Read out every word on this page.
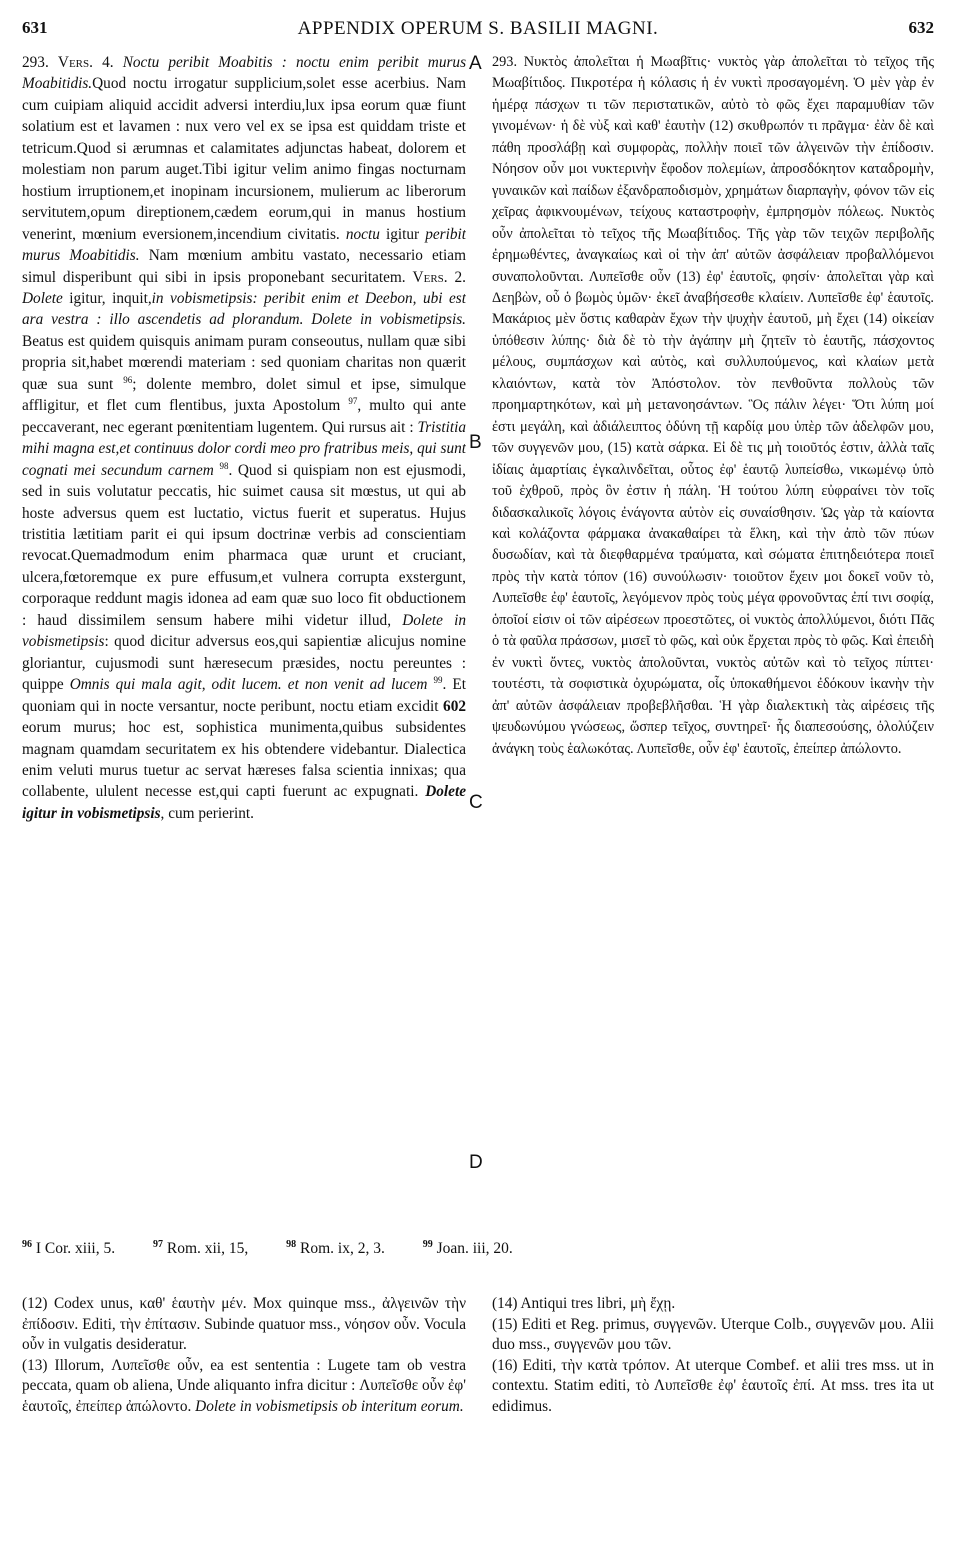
631	APPENDIX OPERUM S. BASILII MAGNI.	632

293. Vers. 4. Noctu peribit Moabitis : noctu enim peribit murus Moabitidis.Quod noctu irrogatur supplicium,solet esse acerbius. Nam cum cuipiam aliquid accidit adversi interdiu,lux ipsa eorum quæ fiunt solatium est et lavamen : nux vero vel ex se ipsa est quiddam triste et tetricum.Quod si ærumnas et calamitates adjunctas habeat, dolorem et molestiam non parum auget.Tibi igitur velim animo fingas nocturnam hostium irruptionem,et inopinam incursionem, mulierum ac liberorum servitutem,opum direptionem,cædem eorum,qui in manus hostium venerint, mœnium eversionem,incendium civitatis. noctu igitur peribit murus Moabitidis. Nam mœnium ambitu vastato, necessario etiam simul disperibunt qui sibi in ipsis proponebant securitatem. Vers. 2. Dolete igitur, inquit,in vobismetipsis: peribit enim et Deebon, ubi est ara vestra : illo ascendetis ad plorandum. Dolete in vobismetipsis. Beatus est quidem quisquis animam puram conseoutus, nullam quæ sibi propria sit,habet mœrendi materiam : sed quoniam charitas non quærit quæ sua sunt $^{96}$; dolente membro, dolet simul et ipse, simulque affligitur, et flet cum flentibus, juxta Apostolum $^{97}$, multo qui ante peccaverant, nec egerant pœnitentiam lugentem. Qui rursus ait : Tristitia mihi magna est,et continuus dolor cordi meo pro fratribus meis, qui sunt cognati mei secundum carnem $^{98}$. Quod si quispiam non est ejusmodi, sed in suis volutatur peccatis, hic suimet causa sit mœstus, ut qui ab hoste adversus quem est luctatio, victus fuerit et superatus. Hujus tristitia lætitiam parit ei qui ipsum doctrinæ verbis ad conscientiam revocat.Quemadmodum enim pharmaca quæ urunt et cruciant, ulcera,fœtoremque ex pure effusum,et vulnera corrupta exstergunt, corporaque reddunt magis idonea ad eam quæ suo loco fit obductionem : haud dissimilem sensum habere mihi videtur illud, Dolete in vobismetipsis: quod dicitur adversus eos,qui sapientiæ alicujus nomine gloriantur, cujusmodi sunt hæresecum præsides, noctu pereuntes : quippe Omnis qui mala agit, odit lucem. et non venit ad lucem $^{99}$. Et quoniam qui in nocte versantur, nocte peribunt, noctu etiam excidit 602 eorum murus; hoc est, sophistica munimenta,quibus subsidentes magnam quamdam securitatem ex his obtendere videbantur. Dialectica enim veluti murus tuetur ac servat hæreses falsa scientia innixas; qua collabente, ululent necesse est,qui capti fuerunt ac expugnati. Dolete igitur in vobismetipsis, cum perierint.

A
B
C
D

293. Νυκτὸς ἀπολεῖται ἡ Μωαβῖτις· νυκτὸς γὰρ ἀπολεῖται τὸ τεῖχος τῆς Μωαβίτιδος. Πικροτέρα ἡ κόλασις ἡ ἐν νυκτὶ προσαγομένη. Ὁ μὲν γὰρ ἐν ἡμέρᾳ πάσχων τι τῶν περιστατικῶν, αὐτὸ τὸ φῶς ἔχει παραμυθίαν τῶν γινομένων· ἡ δὲ νὺξ καὶ καθ' ἑαυτὴν (12) σκυθρωπόν τι πρᾶγμα· ἐὰν δὲ καὶ πάθη προσλάβῃ καὶ συμφορὰς, πολλὴν ποιεῖ τῶν ἀλγεινῶν τὴν ἐπίδοσιν. Νόησον οὖν μοι νυκτερινὴν ἔφοδον πολεμίων, ἀπροσδόκητον καταδρομὴν, γυναικῶν καὶ παίδων ἐξανδραποδισμὸν, χρημάτων διαρπαγὴν, φόνον τῶν εἰς χεῖρας ἀφικνουμένων, τείχους καταστροφὴν, ἐμπρησμὸν πόλεως. Νυκτὸς οὖν ἀπολεῖται τὸ τεῖχος τῆς Μωαβίτιδος. Τῆς γὰρ τῶν τειχῶν περιβολῆς ἐρημωθέντες, ἀναγκαίως καὶ οἱ τὴν ἀπ' αὐτῶν ἀσφάλειαν προβαλλόμενοι συναπολοῦνται. Λυπεῖσθε οὖν (13) ἐφ' ἑαυτοῖς, φησίν· ἀπολεῖται γὰρ καὶ Δεηβὼν, οὗ ὁ βωμὸς ὑμῶν· ἐκεῖ ἀναβήσεσθε κλαίειν. Λυπεῖσθε ἐφ' ἑαυτοῖς. Μακάριος μὲν ὅστις καθαρὰν ἔχων τὴν ψυχὴν ἑαυτοῦ, μὴ ἔχει (14) οἰκείαν ὑπόθεσιν λύπης· διὰ δὲ τὸ τὴν ἀγάπην μὴ ζητεῖν τὸ ἑαυτῆς, πάσχοντος μέλους, συμπάσχων καὶ αὐτὸς, καὶ συλλυπούμενος, καὶ κλαίων μετὰ κλαιόντων, κατὰ τὸν Ἀπόστολον. τὸν πενθοῦντα πολλοὺς τῶν προημαρτηκότων, καὶ μὴ μετανοησάντων. Ὃς πάλιν λέγει· Ὅτι λύπη μοί ἐστι μεγάλη, καὶ ἀδιάλειπτος ὀδύνη τῇ καρδίᾳ μου ὑπὲρ τῶν ἀδελφῶν μου, τῶν συγγενῶν μου, (15) κατὰ σάρκα. Εἰ δὲ τις μὴ τοιοῦτός ἐστιν, ἀλλὰ ταῖς ἰδίαις ἁμαρτίαις ἐγκαλινδεῖται, οὗτος ἐφ' ἑαυτῷ λυπείσθω, νικωμένῳ ὑπὸ τοῦ ἐχθροῦ, πρὸς ὃν ἐστιν ἡ πάλη. Ἡ τούτου λύπη εὐφραίνει τὸν τοῖς διδασκαλικοῖς λόγοις ἐνάγοντα αὐτὸν εἰς συναίσθησιν. Ὡς γὰρ τὰ καίοντα καὶ κολάζοντα φάρμακα ἀνακαθαίρει τὰ ἕλκη, καὶ τὴν ἀπὸ τῶν πύων δυσωδίαν, καὶ τὰ διεφθαρμένα τραύματα, καὶ σώματα ἐπιτηδειότερα ποιεῖ πρὸς τὴν κατὰ τόπον (16) συνούλωσιν· τοιοῦτον ἔχειν μοι δοκεῖ νοῦν τὸ, Λυπεῖσθε ἐφ' ἑαυτοῖς, λεγόμενον πρὸς τοὺς μέγα φρονοῦντας ἐπί τινι σοφίᾳ, ὁποῖοί εἰσιν οἱ τῶν αἱρέσεων προεστῶτες, οἱ νυκτὸς ἀπολλύμενοι, διότι Πᾶς ὁ τὰ φαῦλα πράσσων, μισεῖ τὸ φῶς, καὶ οὐκ ἔρχεται πρὸς τὸ φῶς. Καὶ ἐπειδὴ ἐν νυκτὶ ὄντες, νυκτὸς ἀπολοῦνται, νυκτὸς αὐτῶν καὶ τὸ τεῖχος πίπτει· τουτέστι, τὰ σοφιστικὰ ὀχυρώματα, οἷς ὑποκαθήμενοι ἐδόκουν ἱκανὴν τὴν ἀπ' αὐτῶν ἀσφάλειαν προβεβλῆσθαι. Ἡ γὰρ διαλεκτικὴ τὰς αἱρέσεις τῆς ψευδωνύμου γνώσεως, ὥσπερ τεῖχος, συντηρεῖ· ἧς διαπεσούσης, ὀλολύζειν ἀνάγκη τοὺς ἑαλωκότας. Λυπεῖσθε, οὖν ἐφ' ἑαυτοῖς, ἐπείπερ ἀπώλοντο.

$^{96}$ I Cor. xiii, 5.	$^{97}$ Rom. xii, 15,	$^{98}$ Rom. ix, 2, 3.	$^{99}$ Joan. iii, 20.

(12) Codex unus, καθ' ἑαυτὴν μέν. Mox quinque mss., ἀλγεινῶν τὴν ἐπίδοσιν. Editi, τὴν ἐπίτασιν. Subinde quatuor mss., νόησον οὖν. Vocula οὖν in vulgatis desideratur.

(13) Illorum, Λυπεῖσθε οὖν, ea est sententia : Lugete tam ob vestra peccata, quam ob aliena, Unde aliquanto infra dicitur : Λυπεῖσθε οὖν ἐφ' ἑαυτοῖς, ἐπείπερ ἀπώλοντο. Dolete in vobismetipsis ob interitum eorum.

(14) Antiqui tres libri, μὴ ἔχῃ.

(15) Editi et Reg. primus, συγγενῶν. Uterque Colb., συγγενῶν μου. Alii duo mss., συγγενῶν μου τῶν.

(16) Editi, τὴν κατὰ τρόπον. At uterque Combef. et alii tres mss. ut in contextu. Statim editi, τὸ Λυπεῖσθε ἐφ' ἑαυτοῖς ἐπί. At mss. tres ita ut edidimus.
